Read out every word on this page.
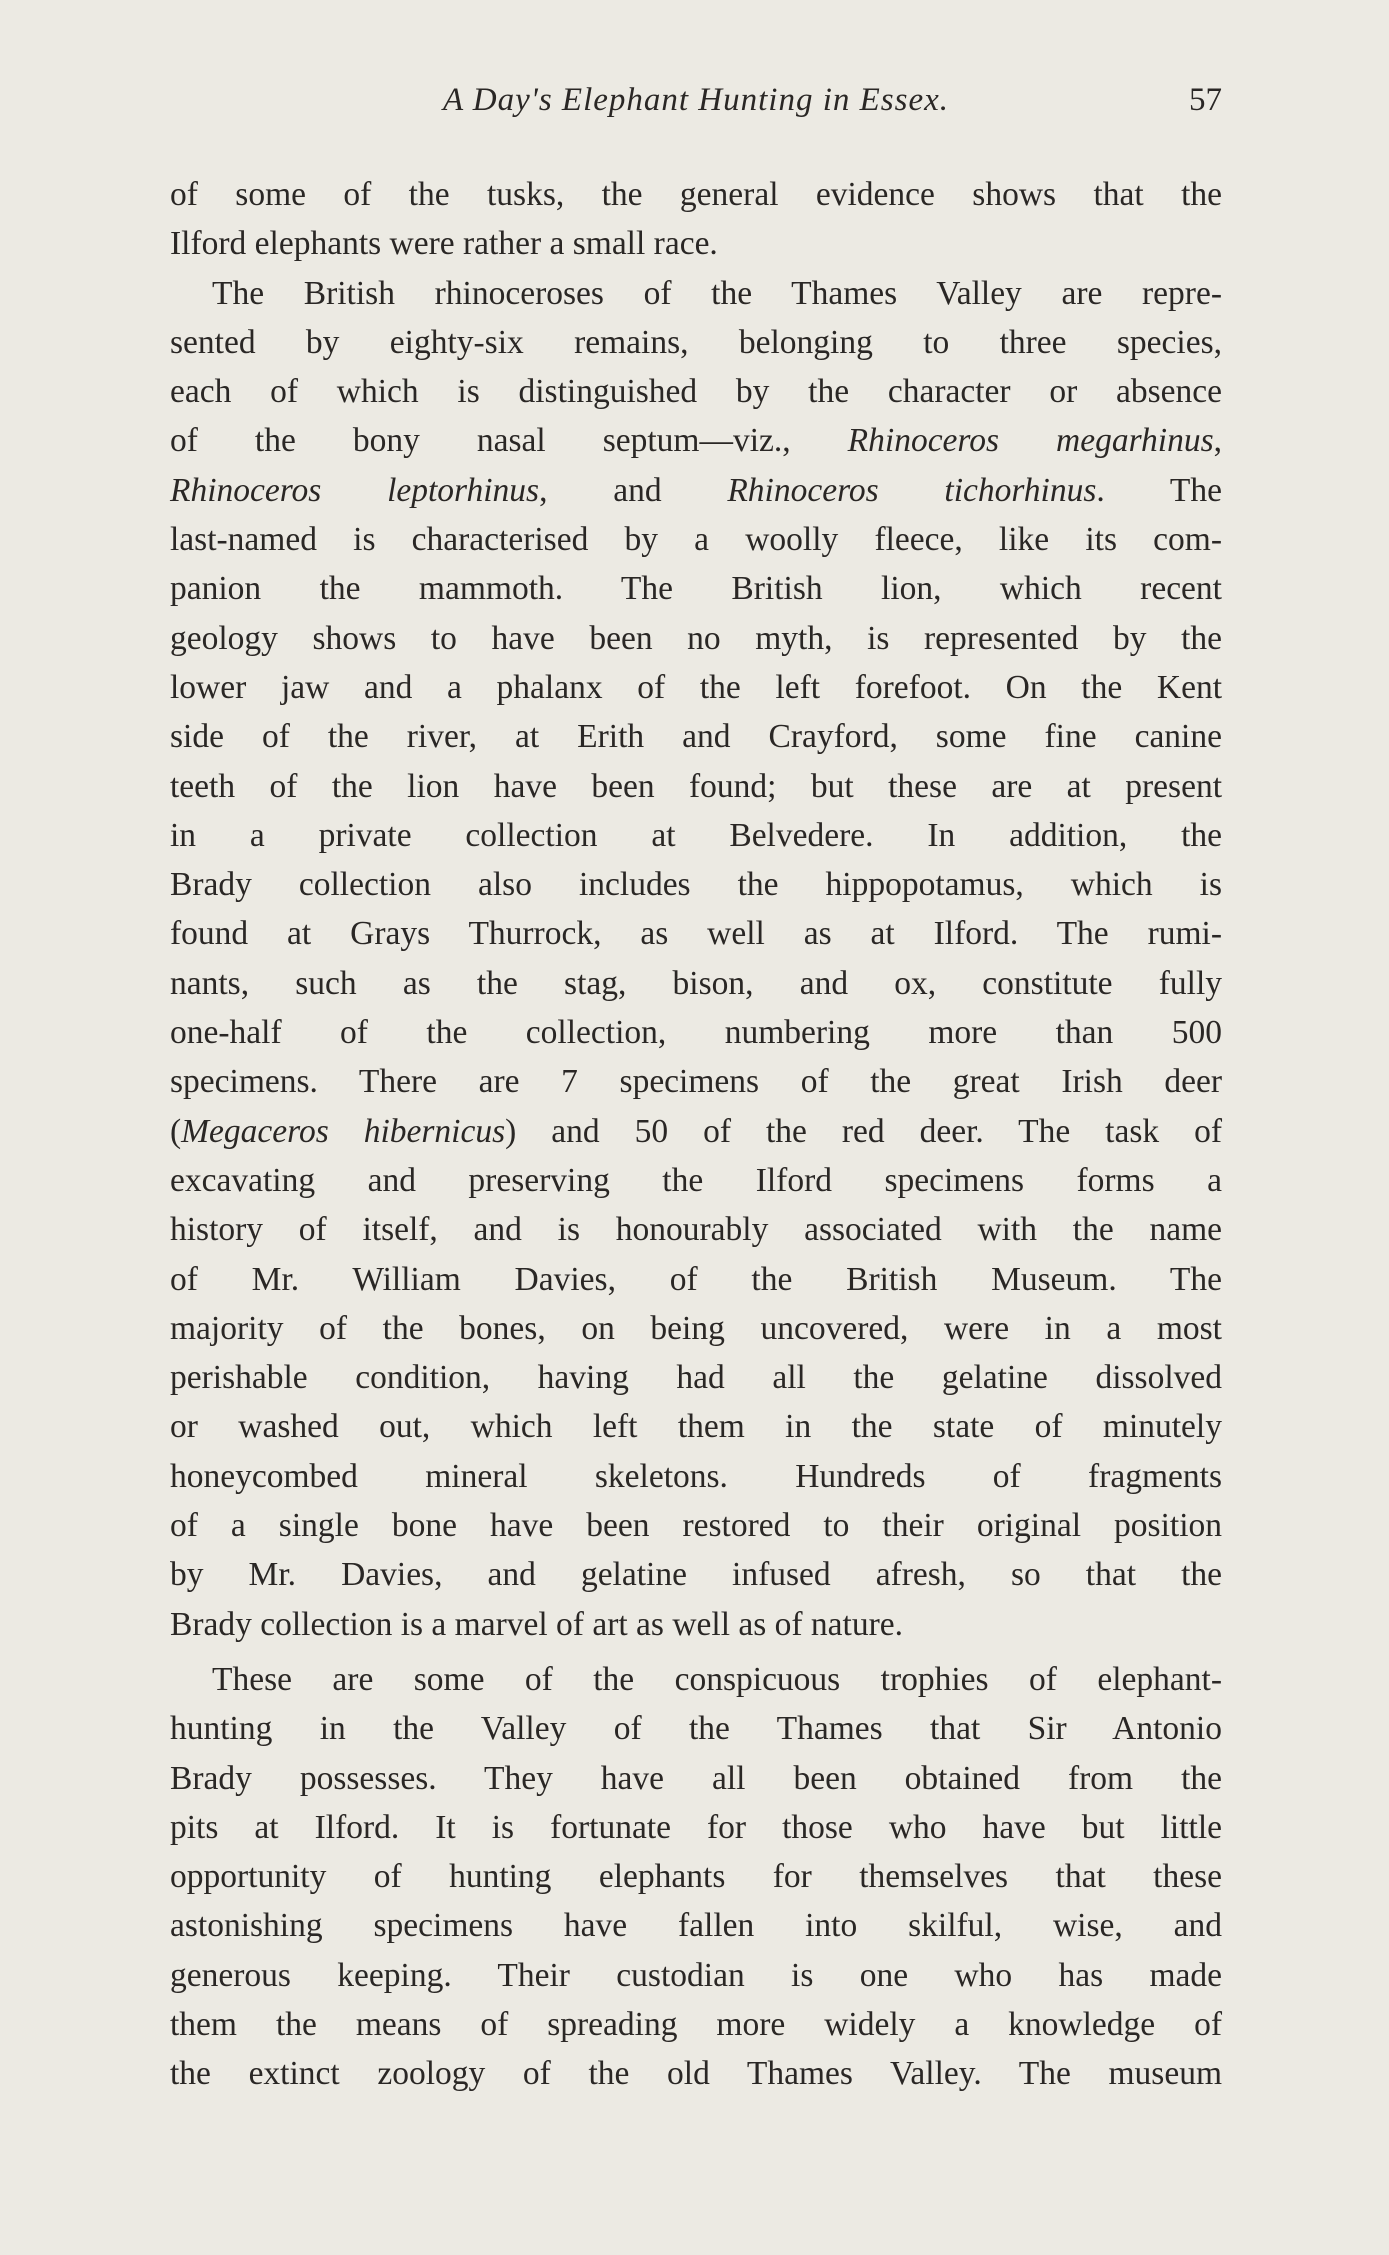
A Day's Elephant Hunting in Essex.	57
of some of the tusks, the general evidence shows that the
Ilford elephants were rather a small race.
The British rhinoceroses of the Thames Valley are repre-
sented by eighty-six remains, belonging to three species,
each of which is distinguished by the character or absence
of the bony nasal septum—viz., Rhinoceros megarhinus,
Rhinoceros leptorhinus, and Rhinoceros tichorhinus. The
last-named is characterised by a woolly fleece, like its com-
panion the mammoth. The British lion, which recent
geology shows to have been no myth, is represented by the
lower jaw and a phalanx of the left forefoot. On the Kent
side of the river, at Erith and Crayford, some fine canine
teeth of the lion have been found; but these are at present
in a private collection at Belvedere. In addition, the
Brady collection also includes the hippopotamus, which is
found at Grays Thurrock, as well as at Ilford. The rumi-
nants, such as the stag, bison, and ox, constitute fully
one-half of the collection, numbering more than 500
specimens. There are 7 specimens of the great Irish deer
(Megaceros hibernicus) and 50 of the red deer. The task of
excavating and preserving the Ilford specimens forms a
history of itself, and is honourably associated with the name
of Mr. William Davies, of the British Museum. The
majority of the bones, on being uncovered, were in a most
perishable condition, having had all the gelatine dissolved
or washed out, which left them in the state of minutely
honeycombed mineral skeletons. Hundreds of fragments
of a single bone have been restored to their original position
by Mr. Davies, and gelatine infused afresh, so that the
Brady collection is a marvel of art as well as of nature.
These are some of the conspicuous trophies of elephant-
hunting in the Valley of the Thames that Sir Antonio
Brady possesses. They have all been obtained from the
pits at Ilford. It is fortunate for those who have but little
opportunity of hunting elephants for themselves that these
astonishing specimens have fallen into skilful, wise, and
generous keeping. Their custodian is one who has made
them the means of spreading more widely a knowledge of
the extinct zoology of the old Thames Valley. The museum
